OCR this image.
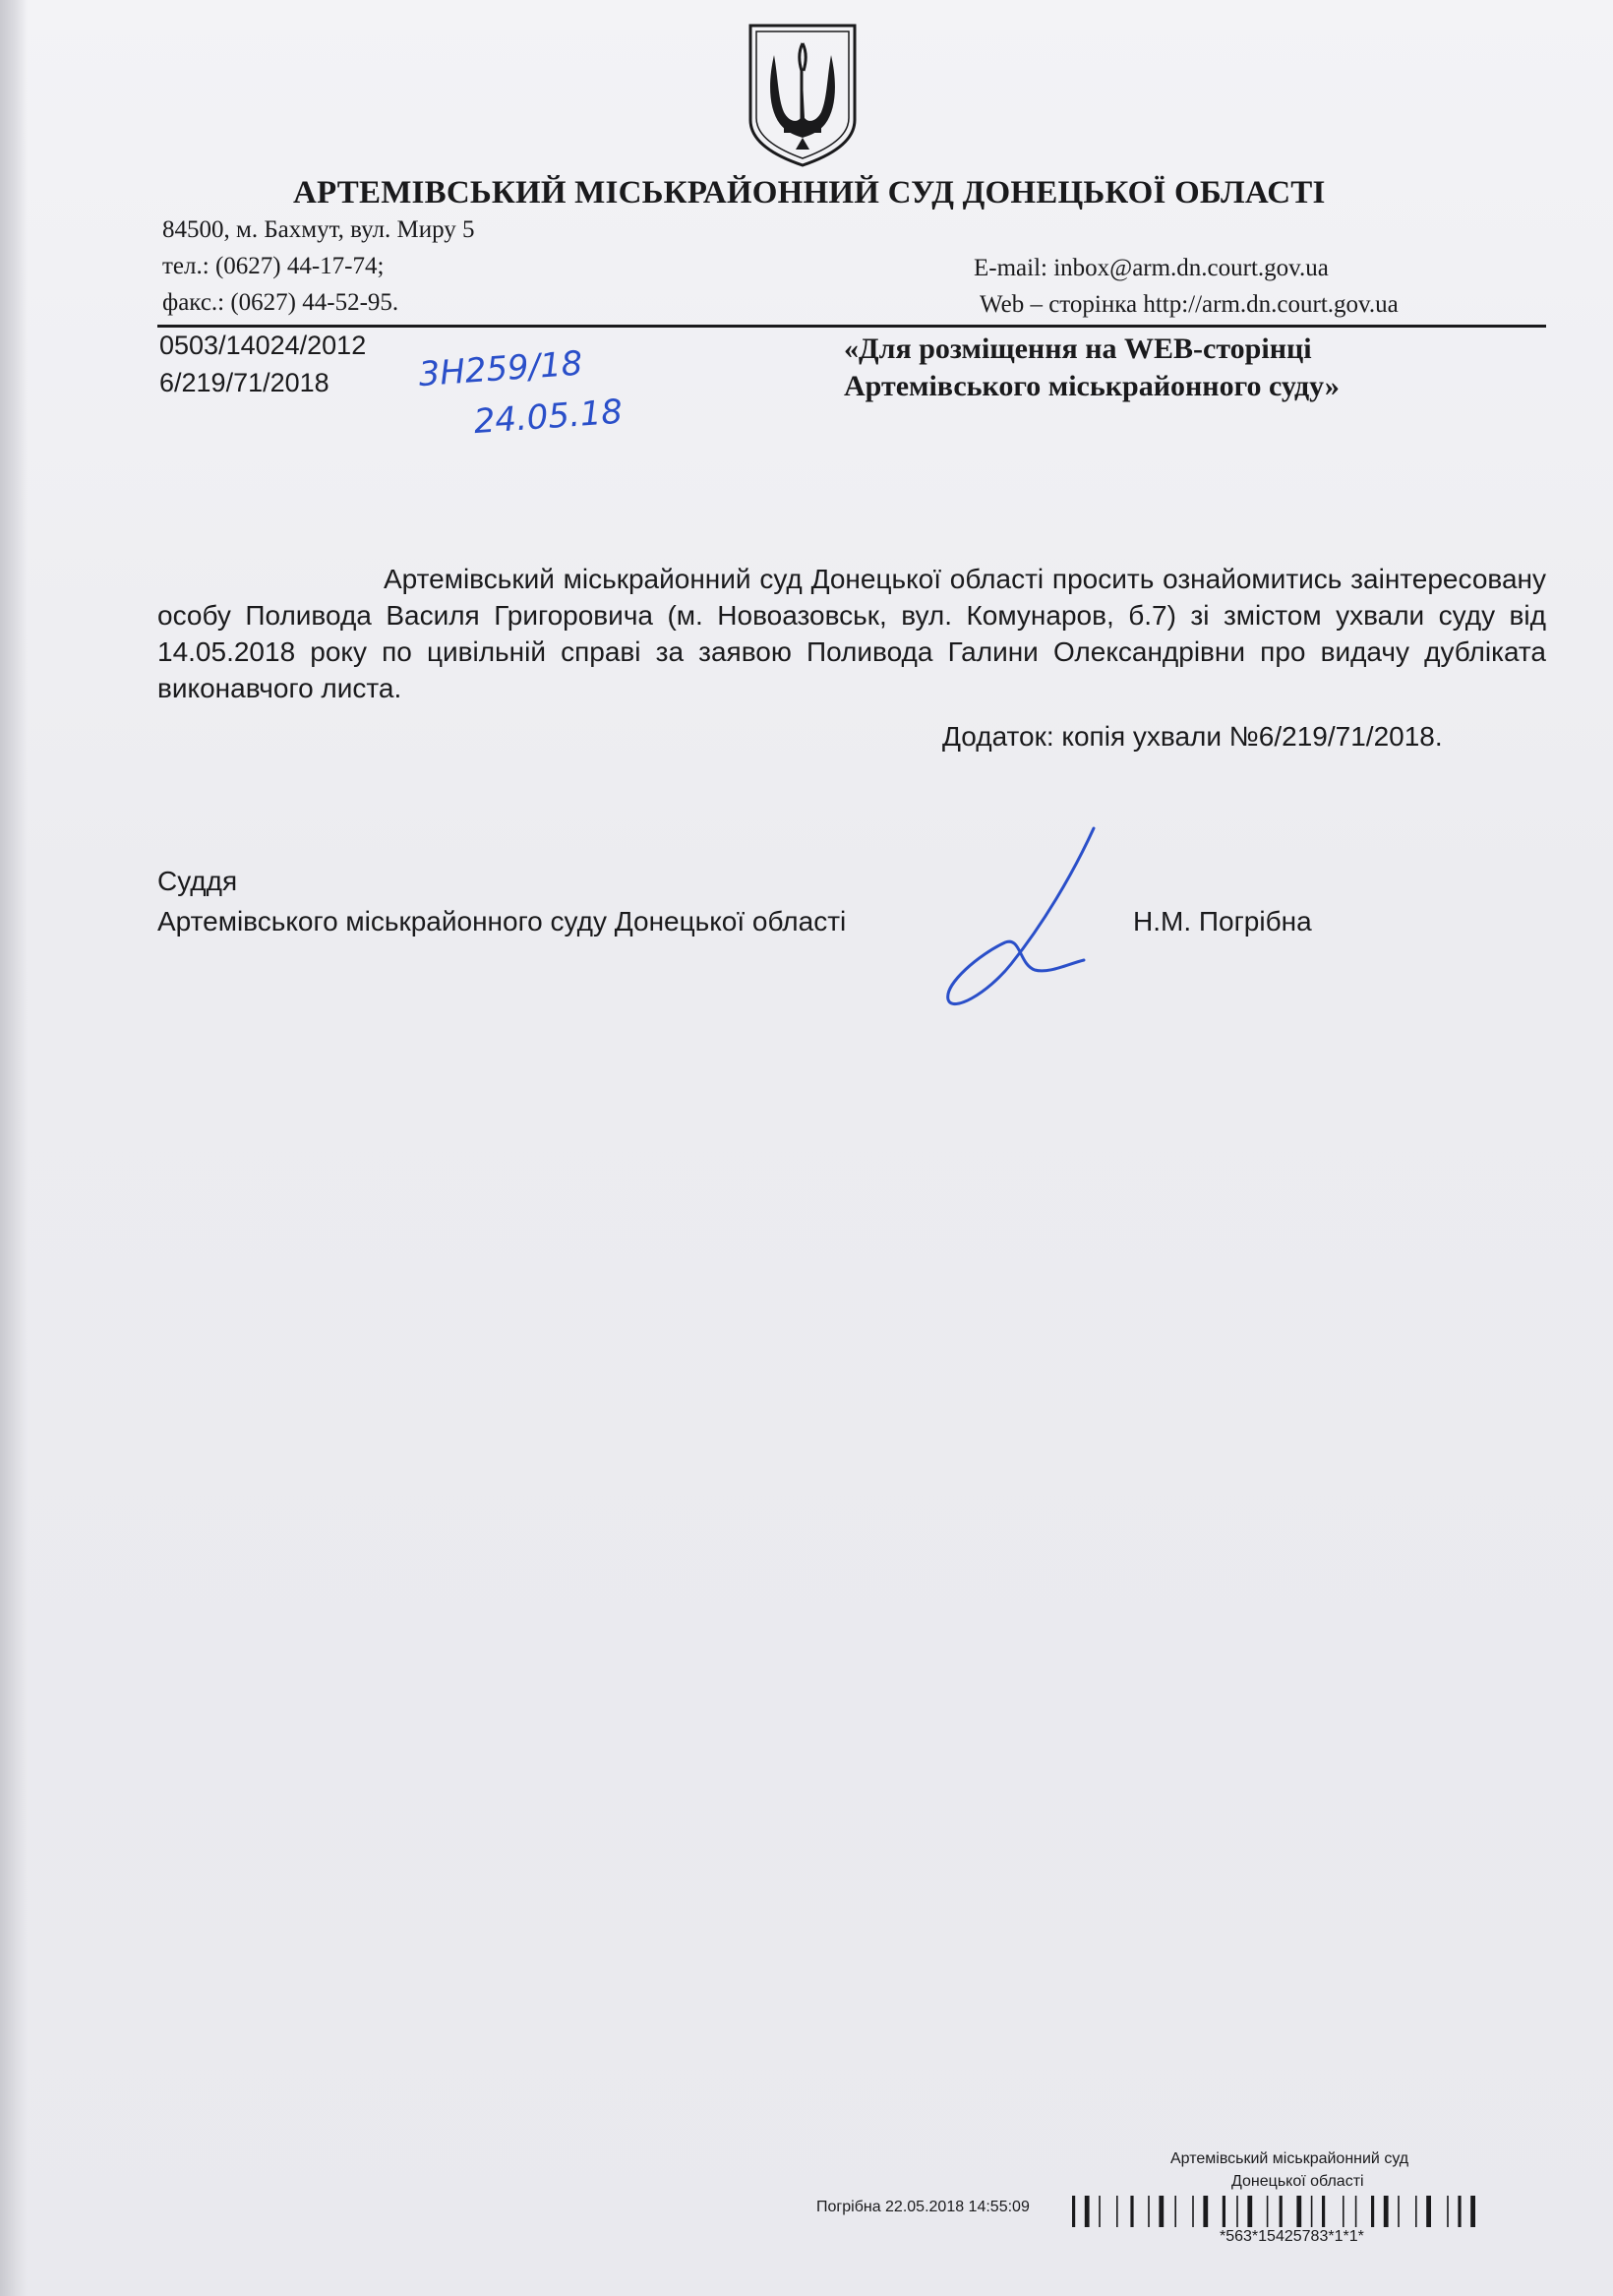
АРТЕМІВСЬКИЙ МІСЬКРАЙОННИЙ СУД ДОНЕЦЬКОЇ ОБЛАСТІ
84500, м. Бахмут, вул. Миру 5
тел.: (0627) 44-17-74;
факс.: (0627) 44-52-95.
E-mail: inbox@arm.dn.court.gov.ua
Web – сторінка http://arm.dn.court.gov.ua
0503/14024/2012
6/219/71/2018	3Н259/18
24.05.18
«Для розміщення на WEB-сторінці
Артемівського міськрайонного суду»

Артемівський міськрайонний суд Донецької області просить ознайомитись заінтересовану особу Поливода Василя Григоровича (м. Новоазовськ, вул. Комунаров, б.7) зі змістом ухвали суду від 14.05.2018 року по цивільній справі за заявою Поливода Галини Олександрівни про видачу дубліката виконавчого листа.

Додаток: копія ухвали №6/219/71/2018.
Суддя
Артемівського міськрайонного суду Донецької області	Н.М. Погрібна
Артемівський міськрайонний суд
Донецької області
Погрібна 22.05.2018 14:55:09
*563*15425783*1*1*
